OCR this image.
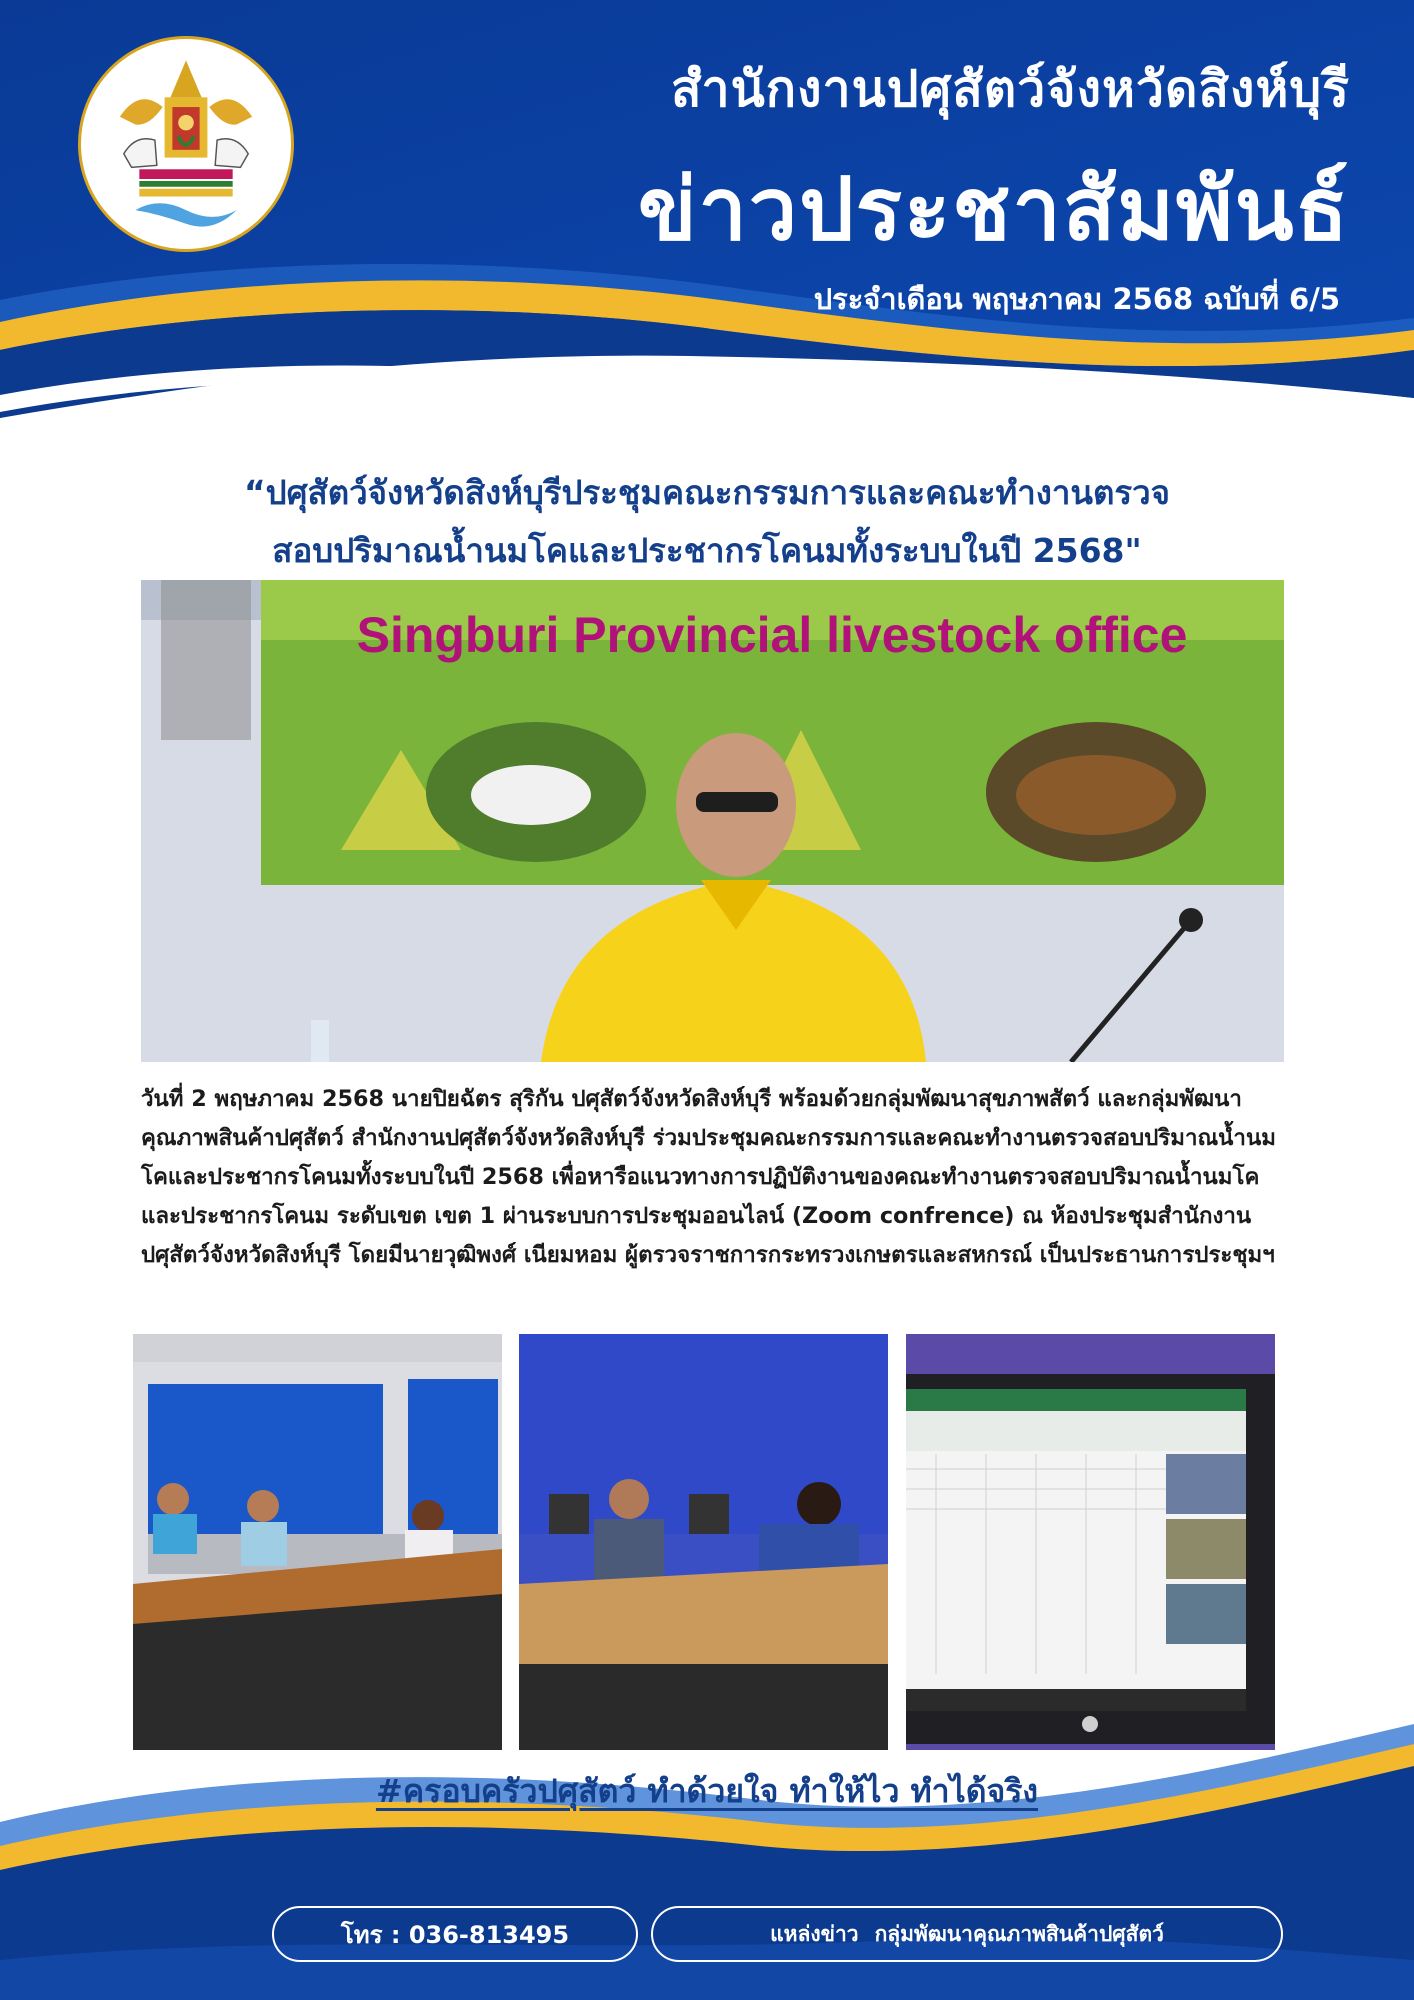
สำนักงานปศุสัตว์จังหวัดสิงห์บุรี
ข่าวประชาสัมพันธ์
ประจำเดือน พฤษภาคม 2568 ฉบับที่ 6/5
“ปศุสัตว์จังหวัดสิงห์บุรีประชุมคณะกรรมการและคณะทำงานตรวจ
สอบปริมาณน้ำนมโคและประชากรโคนมทั้งระบบในปี 2568"
Singburi Provincial livestock office
วันที่ 2 พฤษภาคม 2568 นายปิยฉัตร สุริกัน ปศุสัตว์จังหวัดสิงห์บุรี พร้อมด้วยกลุ่มพัฒนาสุขภาพสัตว์ และกลุ่มพัฒนาคุณภาพสินค้าปศุสัตว์ สำนักงานปศุสัตว์จังหวัดสิงห์บุรี ร่วมประชุมคณะกรรมการและคณะทำงานตรวจสอบปริมาณน้ำนมโคและประชากรโคนมทั้งระบบในปี 2568 เพื่อหารือแนวทางการปฏิบัติงานของคณะทำงานตรวจสอบปริมาณน้ำนมโคและประชากรโคนม ระดับเขต เขต 1 ผ่านระบบการประชุมออนไลน์ (Zoom confrence) ณ ห้องประชุมสำนักงานปศุสัตว์จังหวัดสิงห์บุรี โดยมีนายวุฒิพงศ์ เนียมหอม ผู้ตรวจราชการกระทรวงเกษตรและสหกรณ์ เป็นประธานการประชุมฯ
#ครอบครัวปศุสัตว์ ทำด้วยใจ ทำให้ไว ทำได้จริง
โทร : 036-813495	แหล่งข่าว กลุ่มพัฒนาคุณภาพสินค้าปศุสัตว์
